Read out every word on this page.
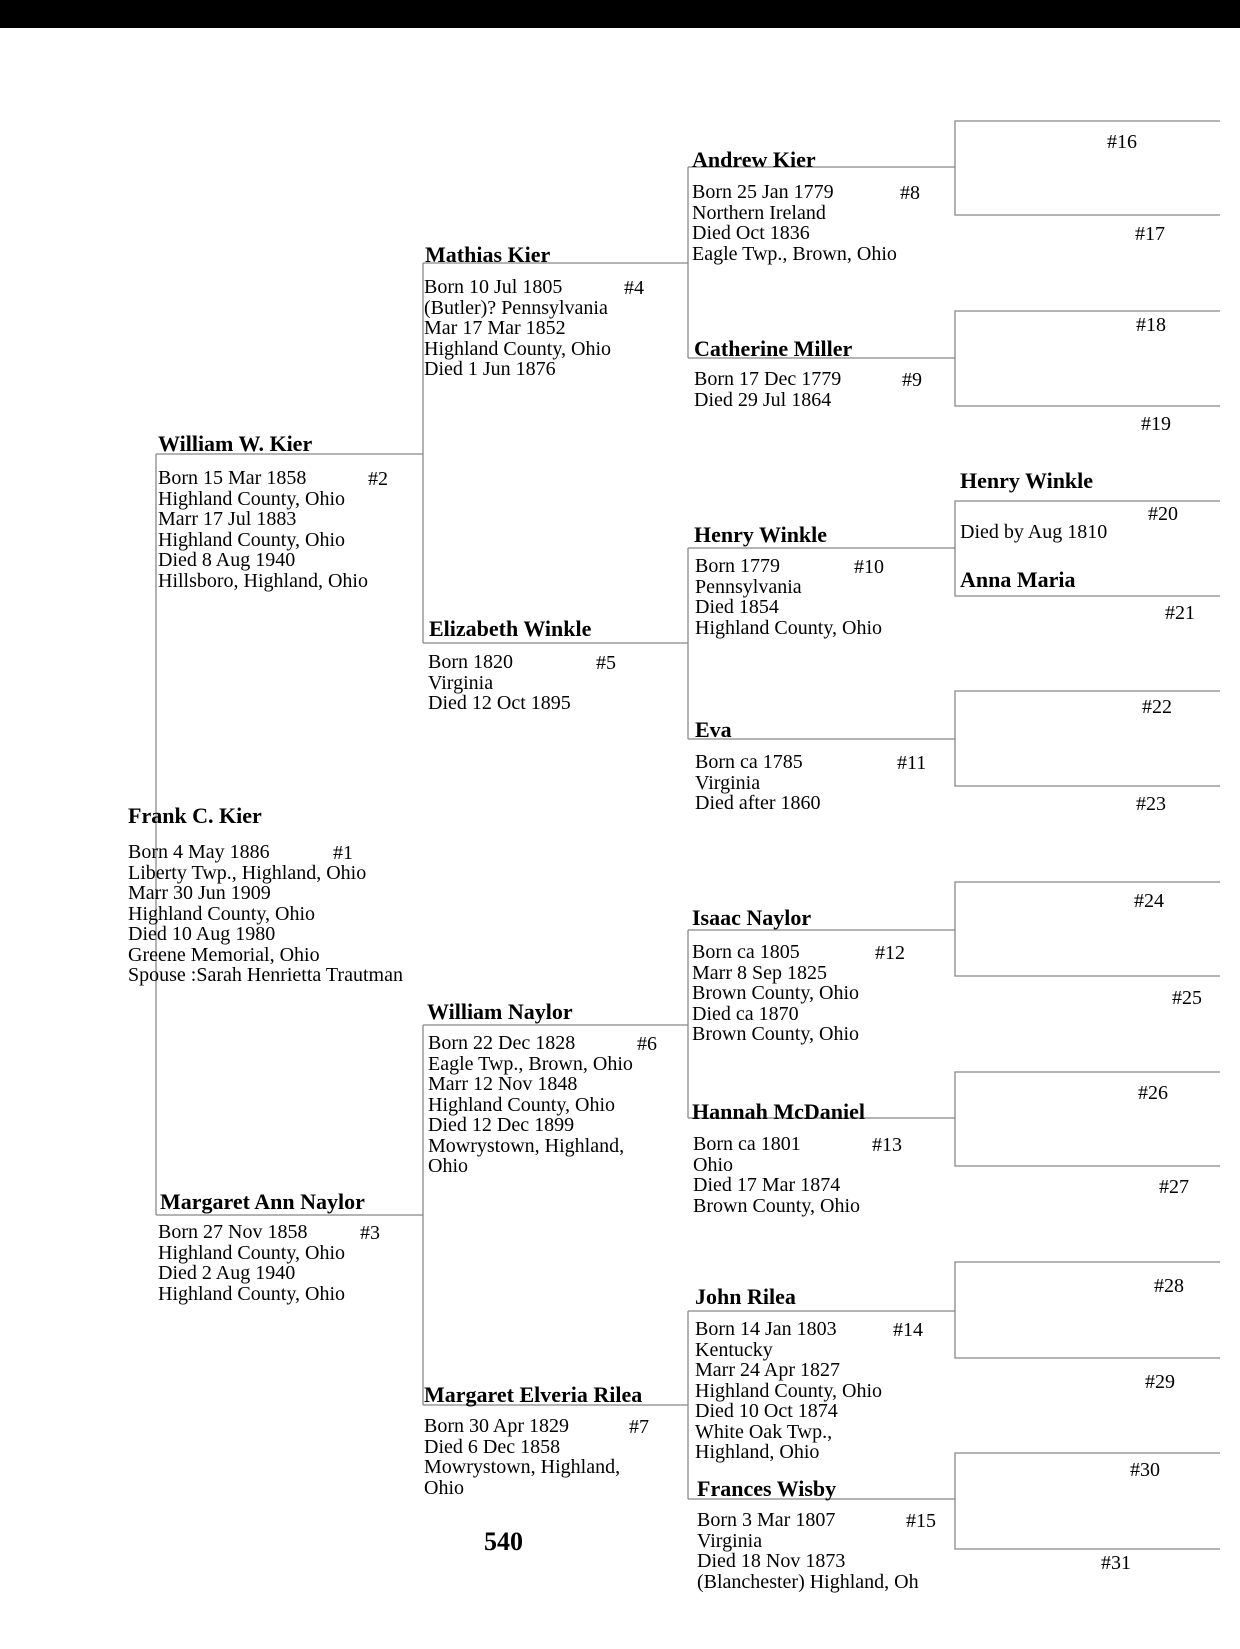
Frank C. Kier
Born 4 May 1886
Liberty Twp., Highland, Ohio
Marr 30 Jun 1909
Highland County, Ohio
Died 10 Aug 1980
Greene Memorial, Ohio
Spouse :Sarah Henrietta Trautman
#1
William W. Kier
Born 15 Mar 1858
Highland County, Ohio
Marr 17 Jul 1883
Highland County, Ohio
Died 8 Aug 1940
Hillsboro, Highland, Ohio
#2
Margaret Ann Naylor
Born 27 Nov 1858
Highland County, Ohio
Died 2 Aug 1940
Highland County, Ohio
#3
Mathias Kier
Born 10 Jul 1805
(Butler)? Pennsylvania
Mar 17 Mar 1852
Highland County, Ohio
Died 1 Jun 1876
#4
Elizabeth Winkle
Born 1820
Virginia
Died 12 Oct 1895
#5
William Naylor
Born 22 Dec 1828
Eagle Twp., Brown, Ohio
Marr 12 Nov 1848
Highland County, Ohio
Died 12 Dec 1899
Mowrystown, Highland,
Ohio
#6
Margaret Elveria Rilea
Born 30 Apr 1829
Died 6 Dec 1858
Mowrystown, Highland,
Ohio
#7
Andrew Kier
Born 25 Jan 1779
Northern Ireland
Died Oct 1836
Eagle Twp., Brown, Ohio
#8
Catherine Miller
Born 17 Dec 1779
Died 29 Jul 1864
#9
Henry Winkle
Born 1779
Pennsylvania
Died 1854
Highland County, Ohio
#10
Eva
Born ca 1785
Virginia
Died after 1860
#11
Isaac Naylor
Born ca 1805
Marr 8 Sep 1825
Brown County, Ohio
Died ca 1870
Brown County, Ohio
#12
Hannah McDaniel
Born ca 1801
Ohio
Died 17 Mar 1874
Brown County, Ohio
#13
John Rilea
Born 14 Jan 1803
Kentucky
Marr 24 Apr 1827
Highland County, Ohio
Died 10 Oct 1874
White Oak Twp.,
Highland, Ohio
#14
Frances Wisby
Born 3 Mar 1807
Virginia
Died 18 Nov 1873
(Blanchester) Highland, Oh
#15
Henry Winkle
Died by Aug 1810
#20
Anna Maria
#21
#16
#17
#18
#19
#22
#23
#24
#25
#26
#27
#28
#29
#30
#31
540
